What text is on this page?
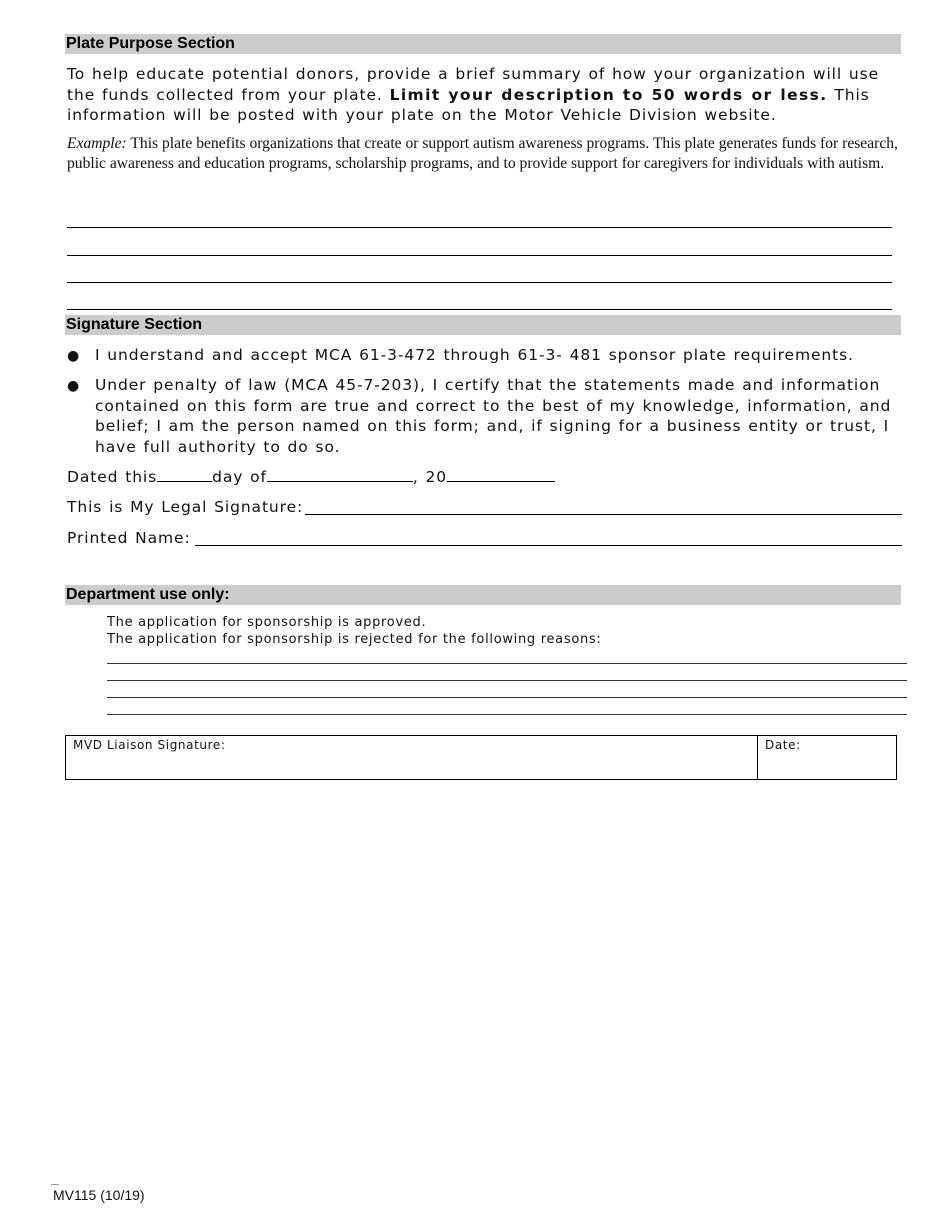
Plate Purpose Section
To help educate potential donors, provide a brief summary of how your organization will use the funds collected from your plate. Limit your description to 50 words or less. This information will be posted with your plate on the Motor Vehicle Division website.
Example: This plate benefits organizations that create or support autism awareness programs. This plate generates funds for research, public awareness and education programs, scholarship programs, and to provide support for caregivers for individuals with autism.
Signature Section
● I understand and accept MCA 61-3-472 through 61-3- 481 sponsor plate requirements.
● Under penalty of law (MCA 45-7-203), I certify that the statements made and information contained on this form are true and correct to the best of my knowledge, information, and belief; I am the person named on this form; and, if signing for a business entity or trust, I have full authority to do so.
Dated this	day of	, 20
This is My Legal Signature:
Printed Name:
Department use only:
The application for sponsorship is approved.
The application for sponsorship is rejected for the following reasons:
MVD Liaison Signature:	Date:
MV115 (10/19)
